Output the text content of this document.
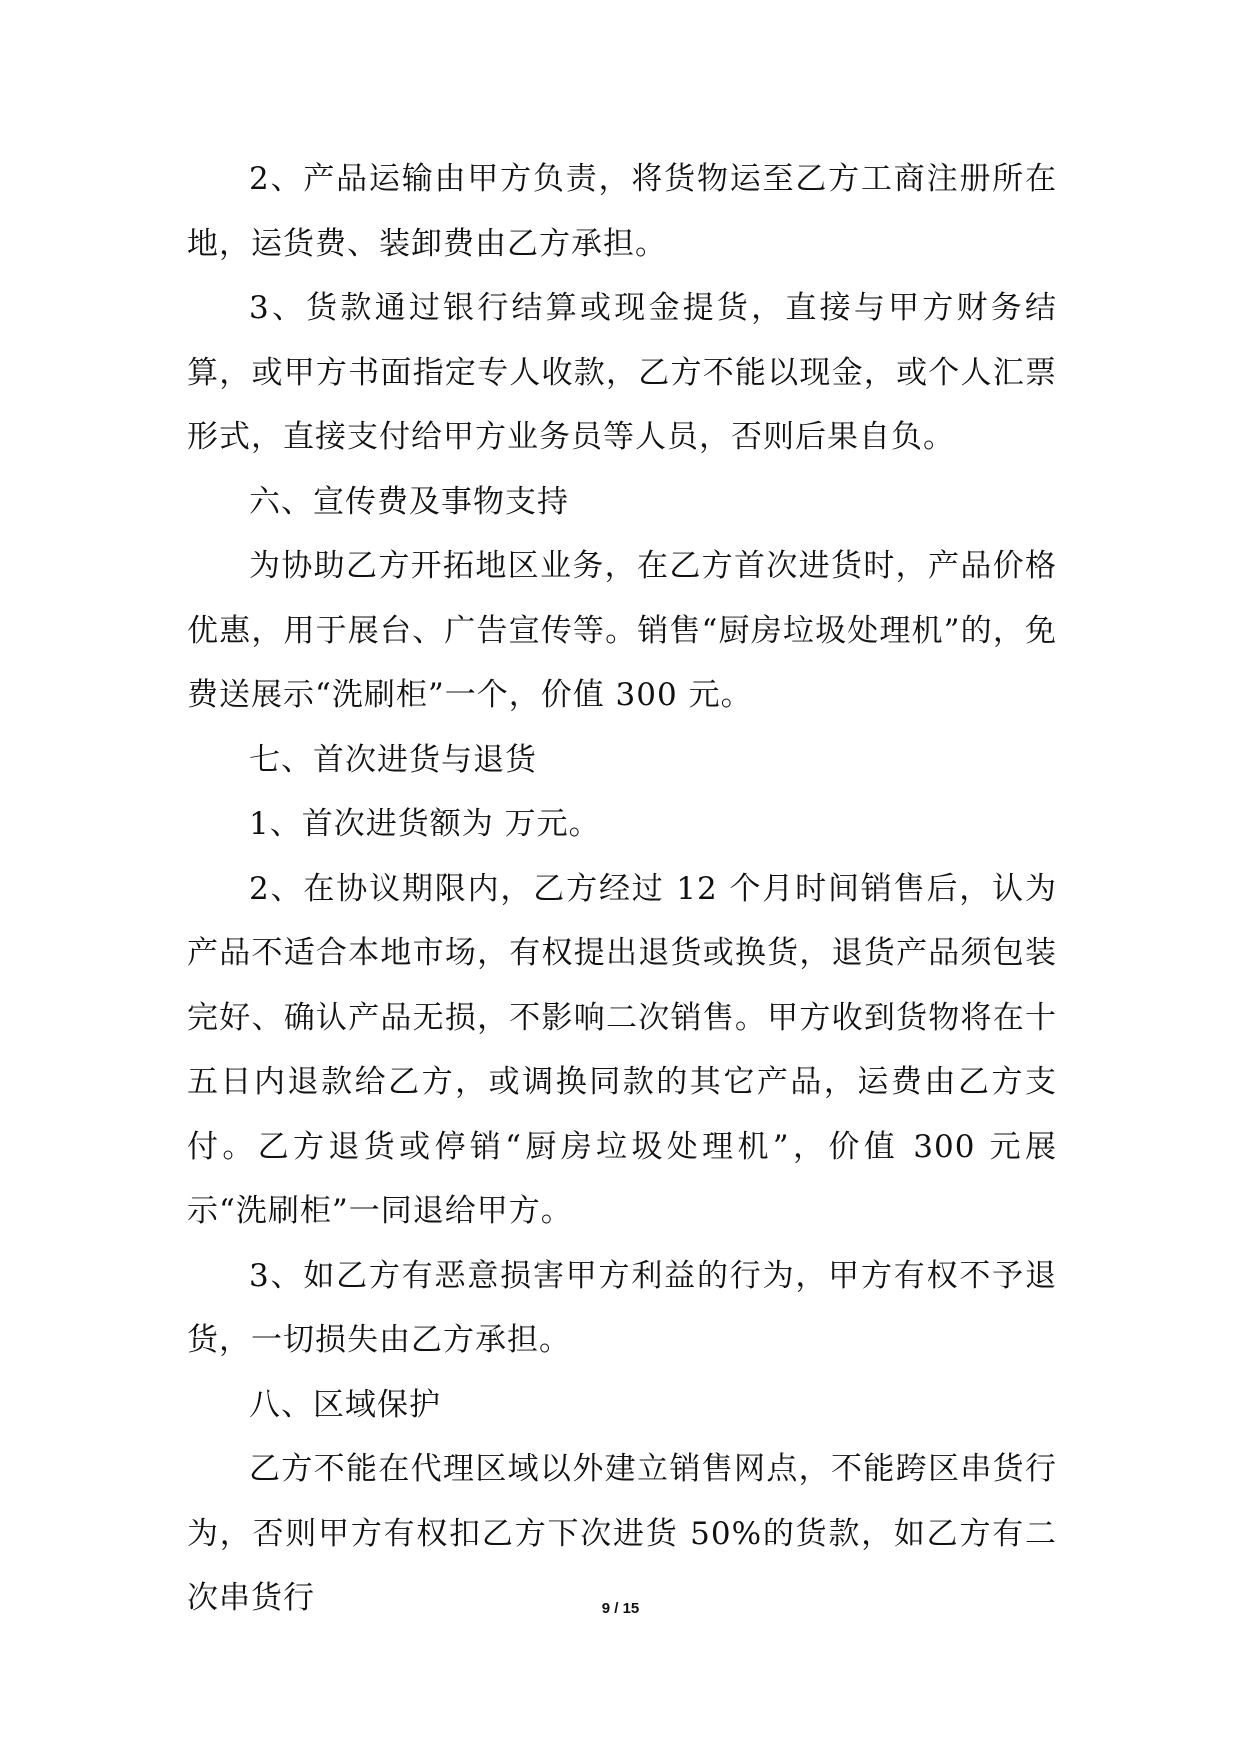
2、产品运输由甲方负责，将货物运至乙方工商注册所在地，运货费、装卸费由乙方承担。

3、货款通过银行结算或现金提货，直接与甲方财务结算，或甲方书面指定专人收款，乙方不能以现金，或个人汇票形式，直接支付给甲方业务员等人员，否则后果自负。

六、宣传费及事物支持

为协助乙方开拓地区业务，在乙方首次进货时，产品价格优惠，用于展台、广告宣传等。销售“厨房垃圾处理机”的，免费送展示“洗刷柜”一个，价值 300 元。

七、首次进货与退货

1、首次进货额为 万元。

2、在协议期限内，乙方经过 12 个月时间销售后，认为产品不适合本地市场，有权提出退货或换货，退货产品须包装完好、确认产品无损，不影响二次销售。甲方收到货物将在十五日内退款给乙方，或调换同款的其它产品，运费由乙方支付。乙方退货或停销“厨房垃圾处理机”，价值 300 元展示“洗刷柜”一同退给甲方。

3、如乙方有恶意损害甲方利益的行为，甲方有权不予退货，一切损失由乙方承担。

八、区域保护

乙方不能在代理区域以外建立销售网点，不能跨区串货行为，否则甲方有权扣乙方下次进货 50%的货款，如乙方有二次串货行	9 / 15
